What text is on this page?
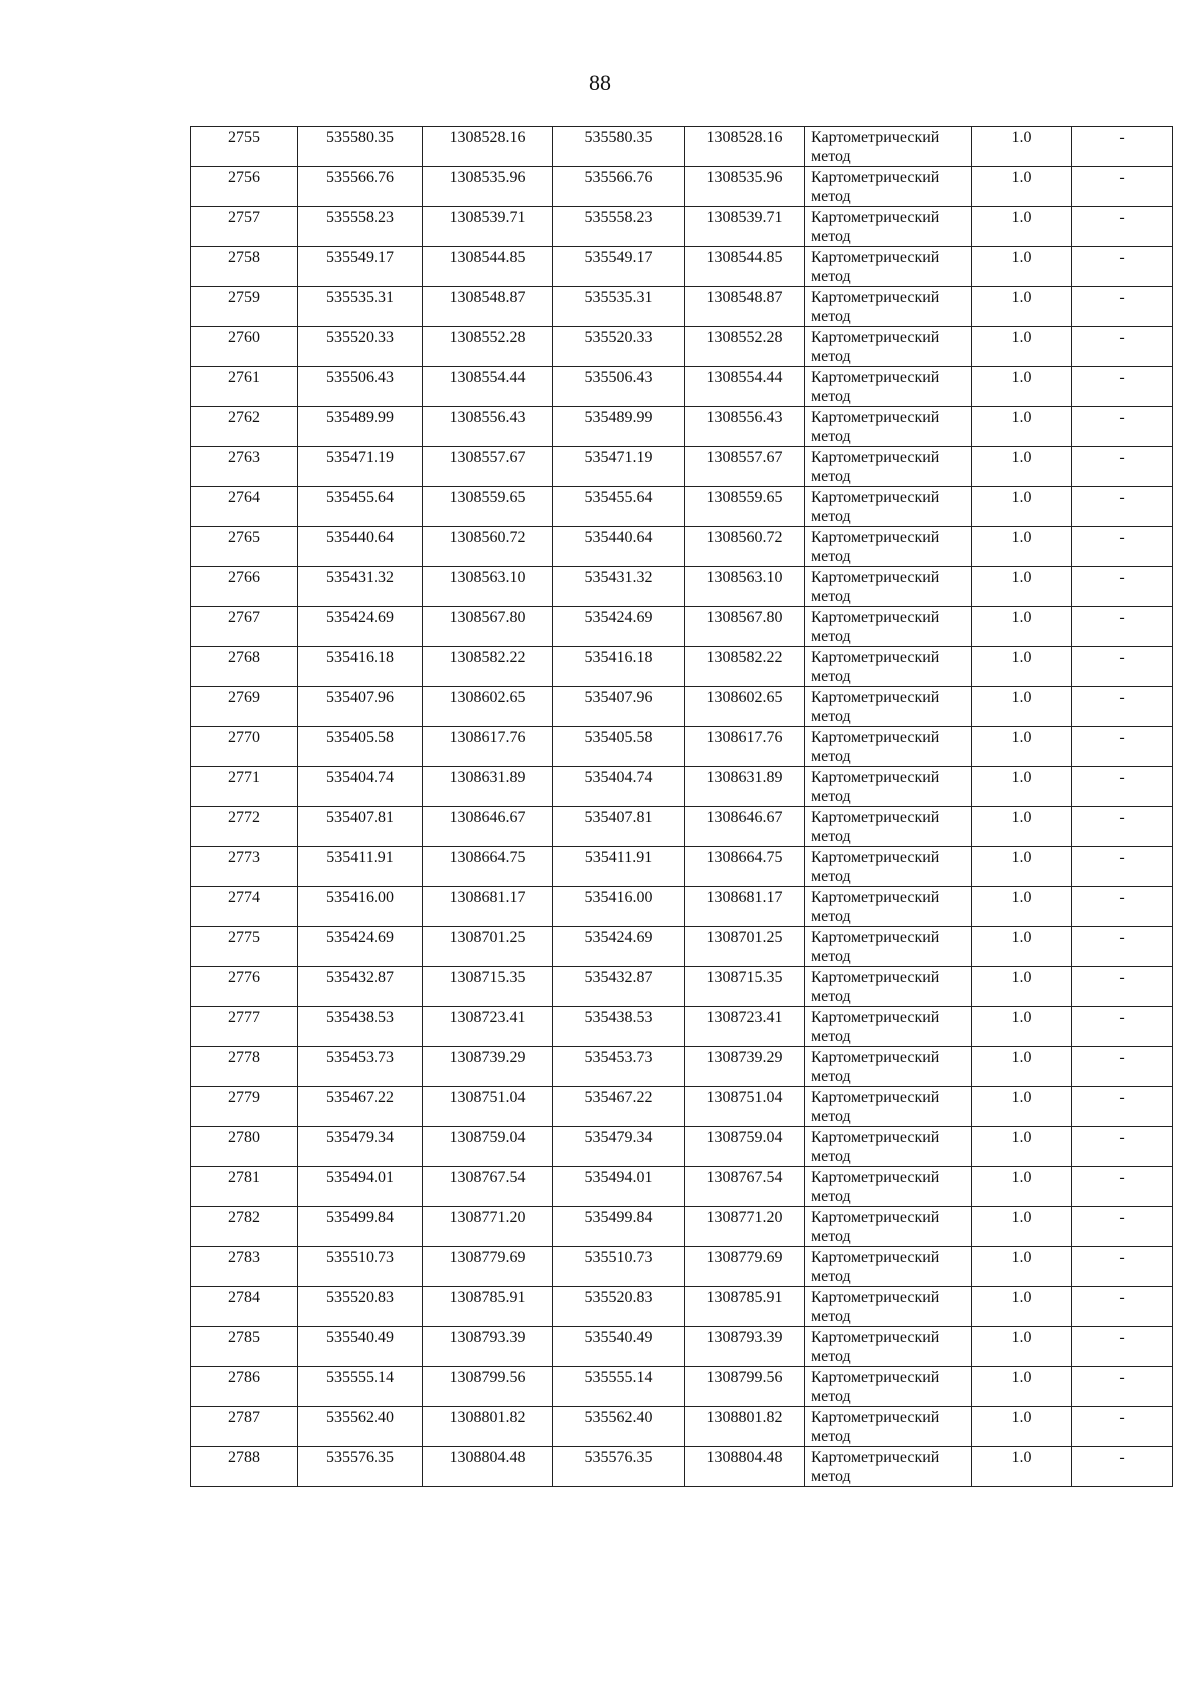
88
2755	535580.35	1308528.16	535580.35	1308528.16	Картометрический метод	1.0	-
2756	535566.76	1308535.96	535566.76	1308535.96	Картометрический метод	1.0	-
2757	535558.23	1308539.71	535558.23	1308539.71	Картометрический метод	1.0	-
2758	535549.17	1308544.85	535549.17	1308544.85	Картометрический метод	1.0	-
2759	535535.31	1308548.87	535535.31	1308548.87	Картометрический метод	1.0	-
2760	535520.33	1308552.28	535520.33	1308552.28	Картометрический метод	1.0	-
2761	535506.43	1308554.44	535506.43	1308554.44	Картометрический метод	1.0	-
2762	535489.99	1308556.43	535489.99	1308556.43	Картометрический метод	1.0	-
2763	535471.19	1308557.67	535471.19	1308557.67	Картометрический метод	1.0	-
2764	535455.64	1308559.65	535455.64	1308559.65	Картометрический метод	1.0	-
2765	535440.64	1308560.72	535440.64	1308560.72	Картометрический метод	1.0	-
2766	535431.32	1308563.10	535431.32	1308563.10	Картометрический метод	1.0	-
2767	535424.69	1308567.80	535424.69	1308567.80	Картометрический метод	1.0	-
2768	535416.18	1308582.22	535416.18	1308582.22	Картометрический метод	1.0	-
2769	535407.96	1308602.65	535407.96	1308602.65	Картометрический метод	1.0	-
2770	535405.58	1308617.76	535405.58	1308617.76	Картометрический метод	1.0	-
2771	535404.74	1308631.89	535404.74	1308631.89	Картометрический метод	1.0	-
2772	535407.81	1308646.67	535407.81	1308646.67	Картометрический метод	1.0	-
2773	535411.91	1308664.75	535411.91	1308664.75	Картометрический метод	1.0	-
2774	535416.00	1308681.17	535416.00	1308681.17	Картометрический метод	1.0	-
2775	535424.69	1308701.25	535424.69	1308701.25	Картометрический метод	1.0	-
2776	535432.87	1308715.35	535432.87	1308715.35	Картометрический метод	1.0	-
2777	535438.53	1308723.41	535438.53	1308723.41	Картометрический метод	1.0	-
2778	535453.73	1308739.29	535453.73	1308739.29	Картометрический метод	1.0	-
2779	535467.22	1308751.04	535467.22	1308751.04	Картометрический метод	1.0	-
2780	535479.34	1308759.04	535479.34	1308759.04	Картометрический метод	1.0	-
2781	535494.01	1308767.54	535494.01	1308767.54	Картометрический метод	1.0	-
2782	535499.84	1308771.20	535499.84	1308771.20	Картометрический метод	1.0	-
2783	535510.73	1308779.69	535510.73	1308779.69	Картометрический метод	1.0	-
2784	535520.83	1308785.91	535520.83	1308785.91	Картометрический метод	1.0	-
2785	535540.49	1308793.39	535540.49	1308793.39	Картометрический метод	1.0	-
2786	535555.14	1308799.56	535555.14	1308799.56	Картометрический метод	1.0	-
2787	535562.40	1308801.82	535562.40	1308801.82	Картометрический метод	1.0	-
2788	535576.35	1308804.48	535576.35	1308804.48	Картометрический метод	1.0	-
